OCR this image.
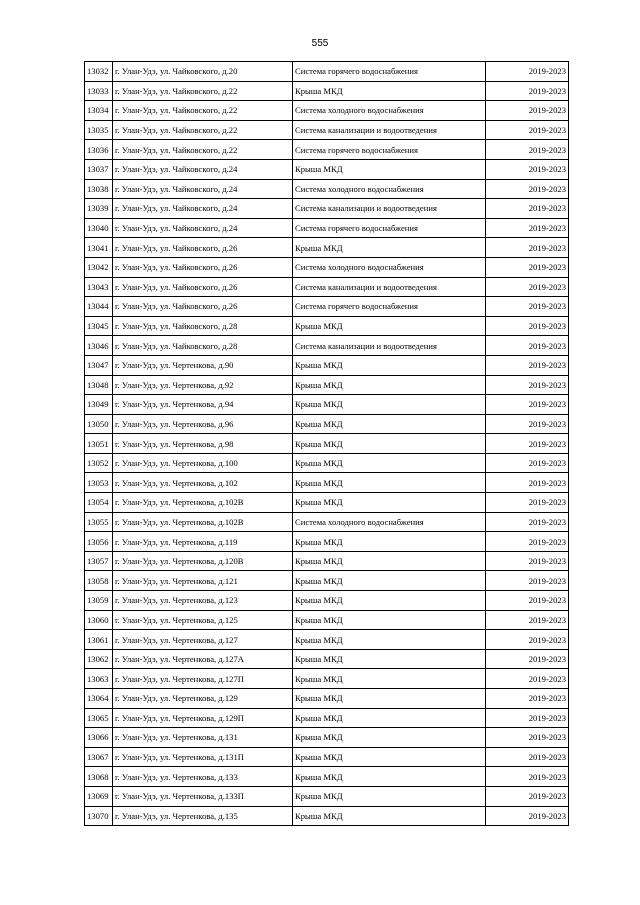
555
13032	г. Улан-Удэ, ул. Чайковского, д.20	Система горячего водоснабжения	2019-2023
13033	г. Улан-Удэ, ул. Чайковского, д.22	Крыша МКД	2019-2023
13034	г. Улан-Удэ, ул. Чайковского, д.22	Система холодного водоснабжения	2019-2023
13035	г. Улан-Удэ, ул. Чайковского, д.22	Система канализации и водоотведения	2019-2023
13036	г. Улан-Удэ, ул. Чайковского, д.22	Система горячего водоснабжения	2019-2023
13037	г. Улан-Удэ, ул. Чайковского, д.24	Крыша МКД	2019-2023
13038	г. Улан-Удэ, ул. Чайковского, д.24	Система холодного водоснабжения	2019-2023
13039	г. Улан-Удэ, ул. Чайковского, д.24	Система канализации и водоотведения	2019-2023
13040	г. Улан-Удэ, ул. Чайковского, д.24	Система горячего водоснабжения	2019-2023
13041	г. Улан-Удэ, ул. Чайковского, д.26	Крыша МКД	2019-2023
13042	г. Улан-Удэ, ул. Чайковского, д.26	Система холодного водоснабжения	2019-2023
13043	г. Улан-Удэ, ул. Чайковского, д.26	Система канализации и водоотведения	2019-2023
13044	г. Улан-Удэ, ул. Чайковского, д.26	Система горячего водоснабжения	2019-2023
13045	г. Улан-Удэ, ул. Чайковского, д.28	Крыша МКД	2019-2023
13046	г. Улан-Удэ, ул. Чайковского, д.28	Система канализации и водоотведения	2019-2023
13047	г. Улан-Удэ, ул. Чертенкова, д.90	Крыша МКД	2019-2023
13048	г. Улан-Удэ, ул. Чертенкова, д.92	Крыша МКД	2019-2023
13049	г. Улан-Удэ, ул. Чертенкова, д.94	Крыша МКД	2019-2023
13050	г. Улан-Удэ, ул. Чертенкова, д.96	Крыша МКД	2019-2023
13051	г. Улан-Удэ, ул. Чертенкова, д.98	Крыша МКД	2019-2023
13052	г. Улан-Удэ, ул. Чертенкова, д.100	Крыша МКД	2019-2023
13053	г. Улан-Удэ, ул. Чертенкова, д.102	Крыша МКД	2019-2023
13054	г. Улан-Удэ, ул. Чертенкова, д.102В	Крыша МКД	2019-2023
13055	г. Улан-Удэ, ул. Чертенкова, д.102В	Система холодного водоснабжения	2019-2023
13056	г. Улан-Удэ, ул. Чертенкова, д.119	Крыша МКД	2019-2023
13057	г. Улан-Удэ, ул. Чертенкова, д.120В	Крыша МКД	2019-2023
13058	г. Улан-Удэ, ул. Чертенкова, д.121	Крыша МКД	2019-2023
13059	г. Улан-Удэ, ул. Чертенкова, д.123	Крыша МКД	2019-2023
13060	г. Улан-Удэ, ул. Чертенкова, д.125	Крыша МКД	2019-2023
13061	г. Улан-Удэ, ул. Чертенкова, д.127	Крыша МКД	2019-2023
13062	г. Улан-Удэ, ул. Чертенкова, д.127А	Крыша МКД	2019-2023
13063	г. Улан-Удэ, ул. Чертенкова, д.127П	Крыша МКД	2019-2023
13064	г. Улан-Удэ, ул. Чертенкова, д.129	Крыша МКД	2019-2023
13065	г. Улан-Удэ, ул. Чертенкова, д.129П	Крыша МКД	2019-2023
13066	г. Улан-Удэ, ул. Чертенкова, д.131	Крыша МКД	2019-2023
13067	г. Улан-Удэ, ул. Чертенкова, д.131П	Крыша МКД	2019-2023
13068	г. Улан-Удэ, ул. Чертенкова, д.133	Крыша МКД	2019-2023
13069	г. Улан-Удэ, ул. Чертенкова, д.133П	Крыша МКД	2019-2023
13070	г. Улан-Удэ, ул. Чертенкова, д.135	Крыша МКД	2019-2023
